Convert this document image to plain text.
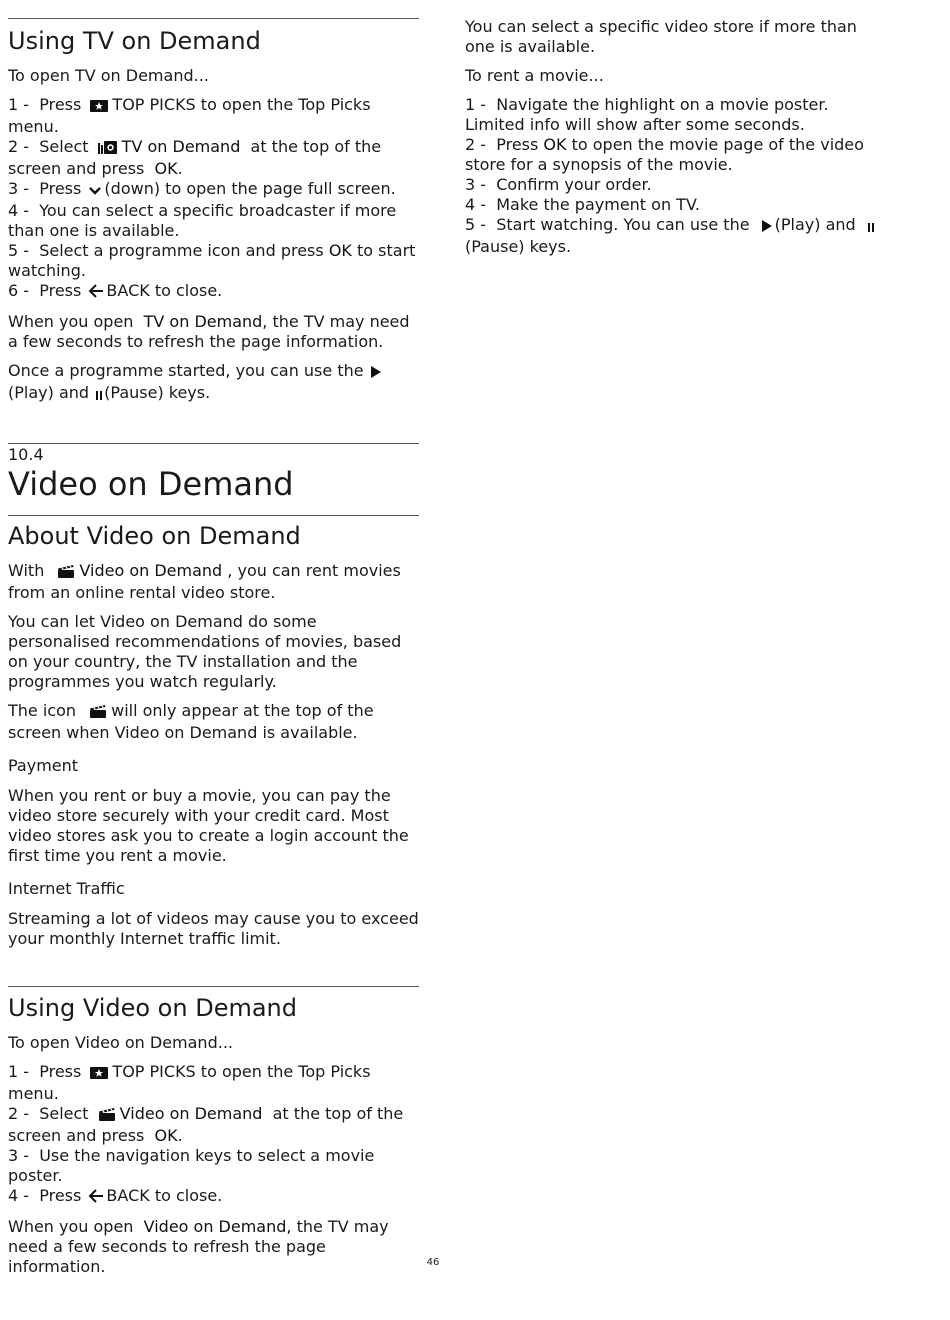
Using TV on Demand

To open TV on Demand...

1 - Press TOP PICKS to open the Top Picks menu.

2 - Select TV on Demand at the top of the screen and press OK.

3 - Press (down) to open the page full screen.

4 - You can select a specific broadcaster if more than one is available.

5 - Select a programme icon and press OK to start watching.

6 - Press BACK to close.

When you open TV on Demand, the TV may need a few seconds to refresh the page information.

Once a programme started, you can use the (Play) and (Pause) keys.

10.4
Video on Demand
About Video on Demand

With Video on Demand , you can rent movies from an online rental video store.

You can let Video on Demand do some personalised recommendations of movies, based on your country, the TV installation and the programmes you watch regularly.

The icon will only appear at the top of the screen when Video on Demand is available.

Payment

When you rent or buy a movie, you can pay the video store securely with your credit card. Most video stores ask you to create a login account the first time you rent a movie.

Internet Traffic

Streaming a lot of videos may cause you to exceed your monthly Internet traffic limit.

Using Video on Demand

To open Video on Demand...

1 - Press TOP PICKS to open the Top Picks menu.

2 - Select Video on Demand at the top of the screen and press OK.

3 - Use the navigation keys to select a movie poster.

4 - Press BACK to close.

When you open Video on Demand, the TV may need a few seconds to refresh the page information.

You can select a specific video store if more than one is available.

To rent a movie...

1 - Navigate the highlight on a movie poster. Limited info will show after some seconds.

2 - Press OK to open the movie page of the video store for a synopsis of the movie.

3 - Confirm your order.

4 - Make the payment on TV.

5 - Start watching. You can use the (Play) and (Pause) keys.

46
